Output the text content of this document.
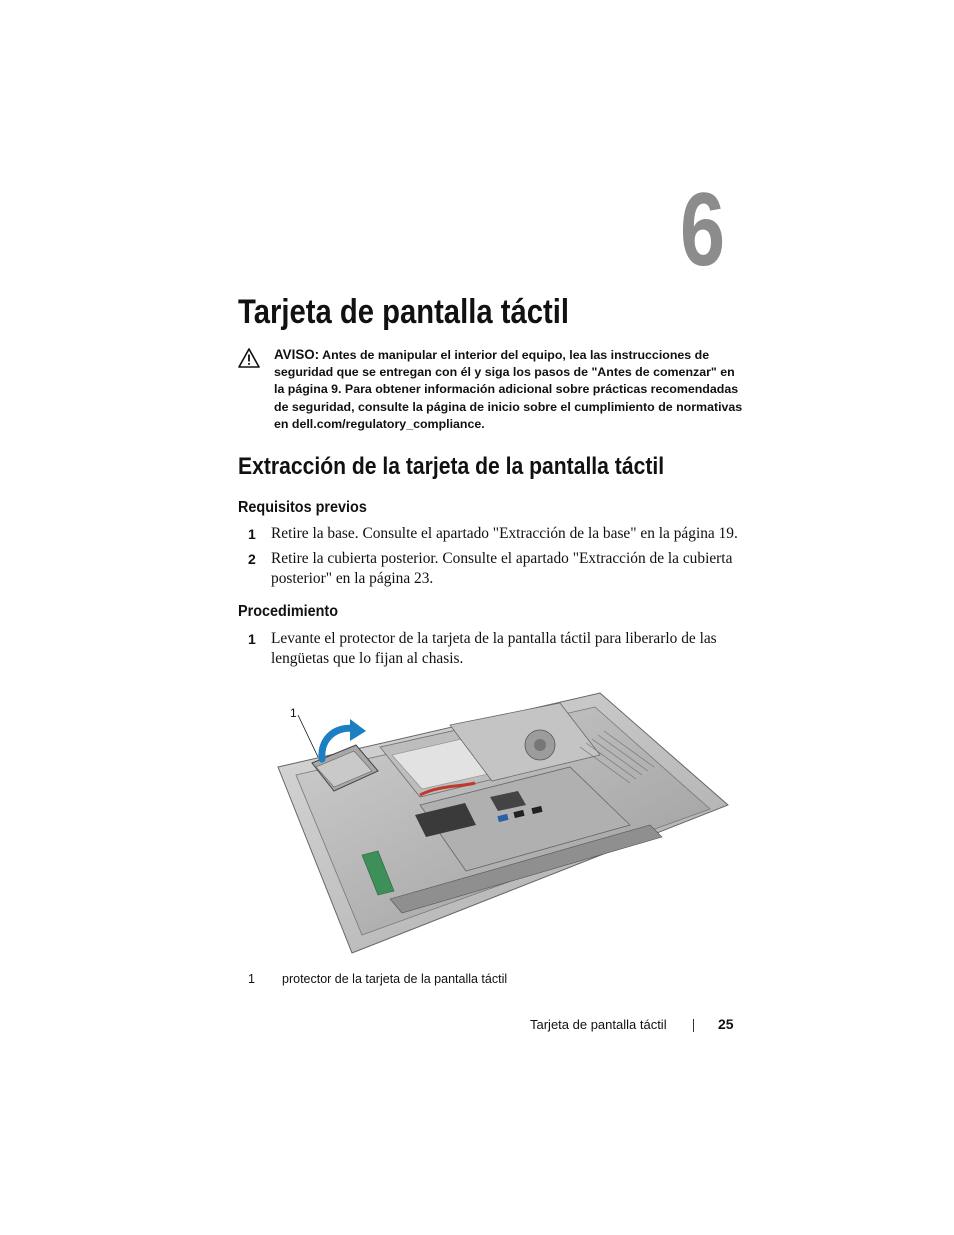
6
Tarjeta de pantalla táctil
AVISO: Antes de manipular el interior del equipo, lea las instrucciones de seguridad que se entregan con él y siga los pasos de "Antes de comenzar" en la página 9. Para obtener información adicional sobre prácticas recomendadas de seguridad, consulte la página de inicio sobre el cumplimiento de normativas en dell.com/regulatory_compliance.
Extracción de la tarjeta de la pantalla táctil
Requisitos previos
1 Retire la base. Consulte el apartado "Extracción de la base" en la página 19.
2 Retire la cubierta posterior. Consulte el apartado "Extracción de la cubierta posterior" en la página 23.
Procedimiento
1 Levante el protector de la tarjeta de la pantalla táctil para liberarlo de las lengüetas que lo fijan al chasis.
1
1 protector de la tarjeta de la pantalla táctil
Tarjeta de pantalla táctil	25
